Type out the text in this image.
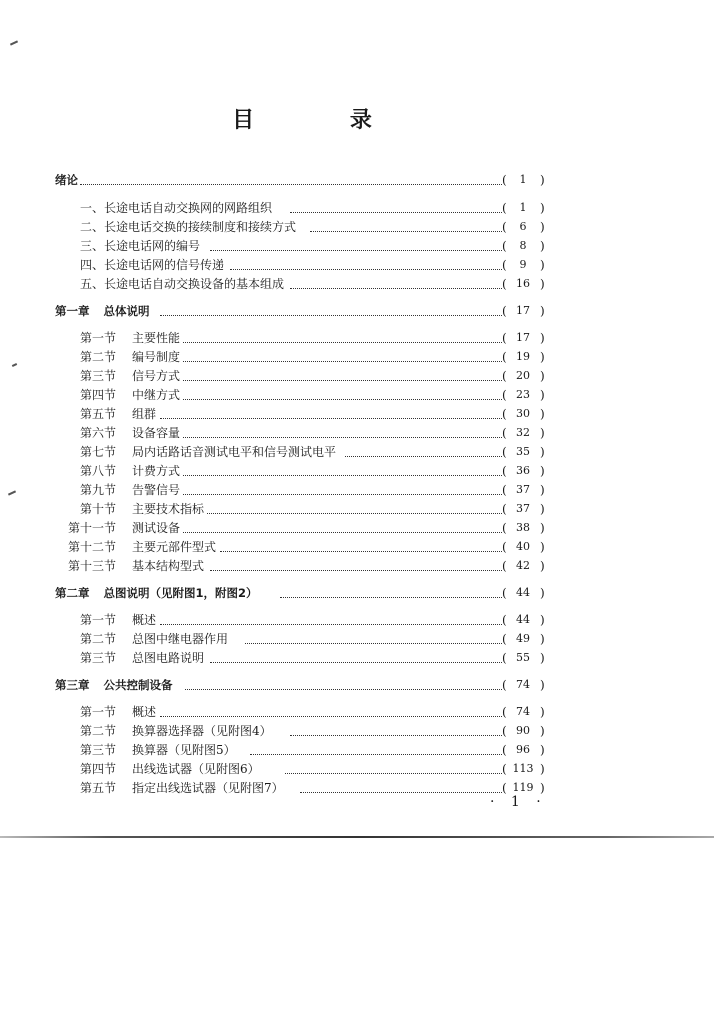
目 录
绪论	(	1	)
一、长途电话自动交换网的网路组织	(	1	)
二、长途电话交换的接续制度和接续方式	(	6	)
三、长途电话网的编号	(	8	)
四、长途电话网的信号传递	(	9	)
五、长途电话自动交换设备的基本组成	( 16 )
第一章 总体说明	( 17 )
第一节 主要性能	( 17 )
第二节 编号制度	( 19 )
第三节 信号方式	( 20 )
第四节 中继方式	( 23 )
第五节 组群	( 30 )
第六节 设备容量	( 32 )
第七节 局内话路话音测试电平和信号测试电平	( 35 )
第八节 计费方式	( 36 )
第九节 告警信号	( 37 )
第十节 主要技术指标	( 37 )
第十一节 测试设备	( 38 )
第十二节 主要元部件型式	( 40 )
第十三节 基本结构型式	( 42 )
第二章 总图说明（见附图1，附图2）	( 44 )
第一节 概述	( 44 )
第二节 总图中继电器作用	( 49 )
第三节 总图电路说明	( 55 )
第三章 公共控制设备	( 74 )
第一节 概述	( 74 )
第二节 换算器选择器（见附图4）	( 90 )
第三节 换算器（见附图5）	( 96 )
第四节 出线选试器（见附图6）	( 113 )
第五节 指定出线选试器（见附图7）	( 119 )
· 1 ·
